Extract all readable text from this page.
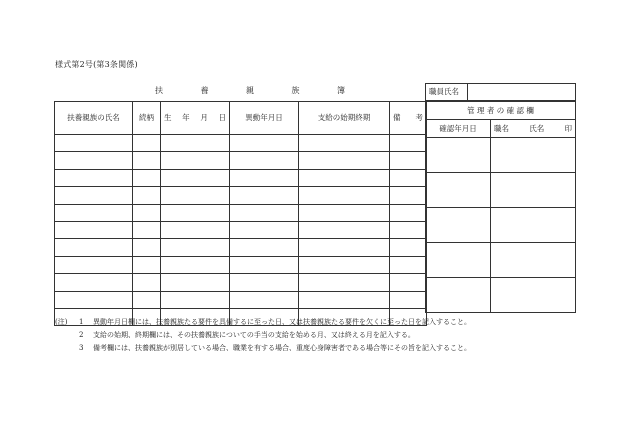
様式第2号(第3条関係)
扶	養	親	族	簿	職員氏名	
扶養親族の氏名	続柄	生 年 月 日	異動年月日	支給の始期終期	備 考

管 理 者 の 確 認 欄	
確認年月日	職名 氏名 印

(注)	1	異動年月日欄には、扶養親族たる要件を具備するに至った日、又は扶養親族たる要件を欠くに至った日を記入すること。
2	支給の始期、終期欄には、その扶養親族についての手当の支給を始める月、又は終える月を記入する。
3	備考欄には、扶養親族が別居している場合、職業を有する場合、重度心身障害者である場合等にその旨を記入すること。
